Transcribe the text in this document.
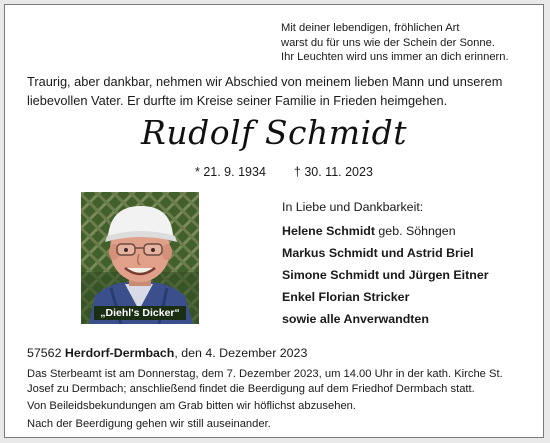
Mit deiner lebendigen, fröhlichen Art
warst du für uns wie der Schein der Sonne.
Ihr Leuchten wird uns immer an dich erinnern.
Traurig, aber dankbar, nehmen wir Abschied von meinem lieben Mann und unserem
liebevollen Vater. Er durfte im Kreise seiner Familie in Frieden heimgehen.
Rudolf Schmidt
* 21. 9. 1934 † 30. 11. 2023
„Diehl's Dicker“
In Liebe und Dankbarkeit:
Helene Schmidt geb. Söhngen
Markus Schmidt und Astrid Briel
Simone Schmidt und Jürgen Eitner
Enkel Florian Stricker
sowie alle Anverwandten
57562 Herdorf-Dermbach, den 4. Dezember 2023
Das Sterbeamt ist am Donnerstag, dem 7. Dezember 2023, um 14.00 Uhr in der kath. Kirche St. Josef zu Dermbach; anschließend findet die Beerdigung auf dem Friedhof Dermbach statt.
Von Beileidsbekundungen am Grab bitten wir höflichst abzusehen.
Nach der Beerdigung gehen wir still auseinander.
